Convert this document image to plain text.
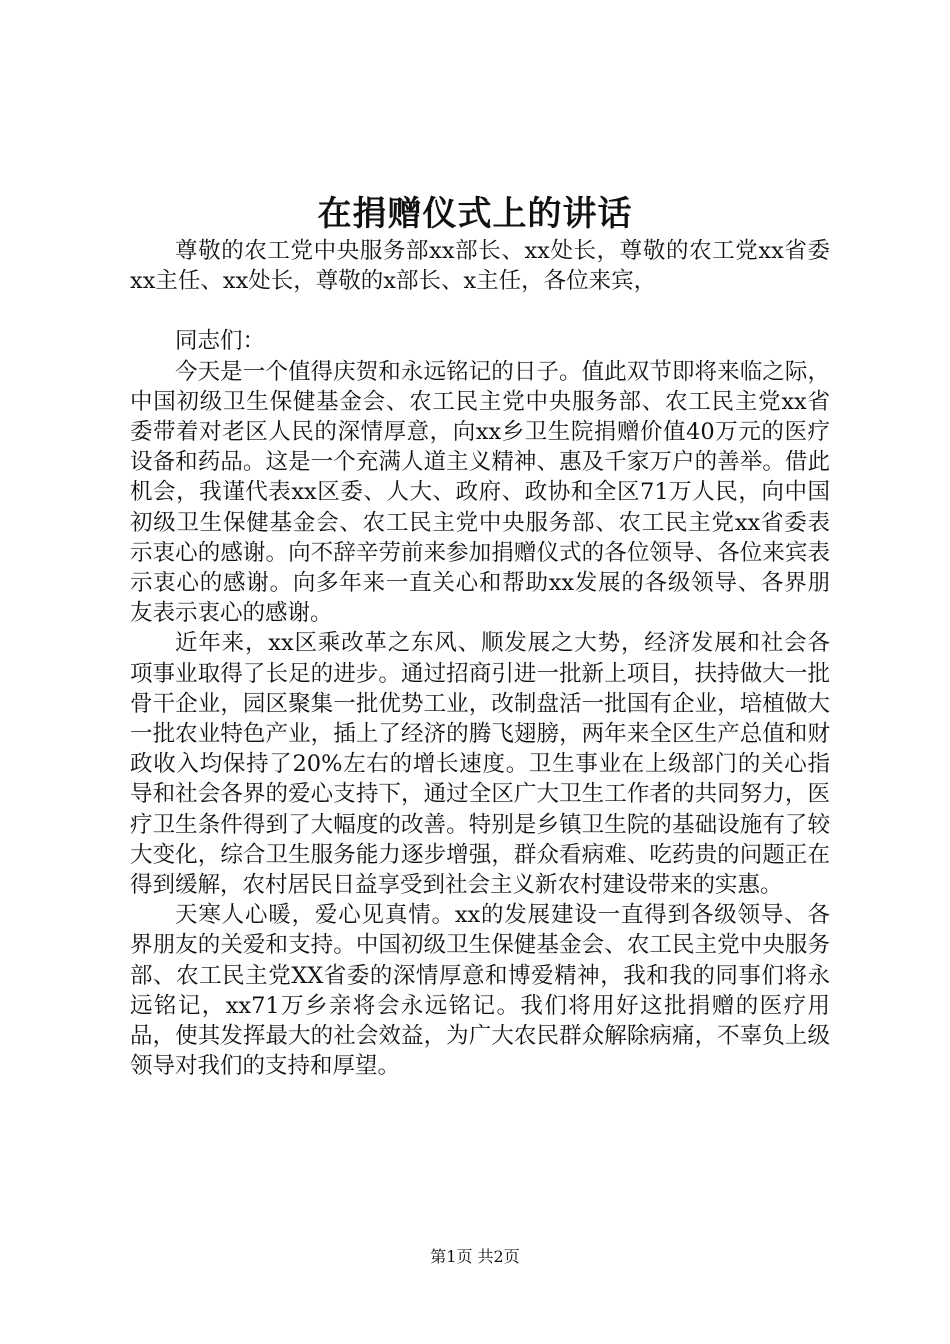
在捐赠仪式上的讲话

尊敬的农工党中央服务部xx部长、xx处长，尊敬的农工党xx省委xx主任、xx处长，尊敬的x部长、x主任，各位来宾，

同志们：

今天是一个值得庆贺和永远铭记的日子。值此双节即将来临之际，中国初级卫生保健基金会、农工民主党中央服务部、农工民主党xx省委带着对老区人民的深情厚意，向xx乡卫生院捐赠价值40万元的医疗设备和药品。这是一个充满人道主义精神、惠及千家万户的善举。借此机会，我谨代表xx区委、人大、政府、政协和全区71万人民，向中国初级卫生保健基金会、农工民主党中央服务部、农工民主党xx省委表示衷心的感谢。向不辞辛劳前来参加捐赠仪式的各位领导、各位来宾表示衷心的感谢。向多年来一直关心和帮助xx发展的各级领导、各界朋友表示衷心的感谢。

近年来，xx区乘改革之东风、顺发展之大势，经济发展和社会各项事业取得了长足的进步。通过招商引进一批新上项目，扶持做大一批骨干企业，园区聚集一批优势工业，改制盘活一批国有企业，培植做大一批农业特色产业，插上了经济的腾飞翅膀，两年来全区生产总值和财政收入均保持了20%左右的增长速度。卫生事业在上级部门的关心指导和社会各界的爱心支持下，通过全区广大卫生工作者的共同努力，医疗卫生条件得到了大幅度的改善。特别是乡镇卫生院的基础设施有了较大变化，综合卫生服务能力逐步增强，群众看病难、吃药贵的问题正在得到缓解，农村居民日益享受到社会主义新农村建设带来的实惠。

天寒人心暖，爱心见真情。xx的发展建设一直得到各级领导、各界朋友的关爱和支持。中国初级卫生保健基金会、农工民主党中央服务部、农工民主党XX省委的深情厚意和博爱精神，我和我的同事们将永远铭记，xx71万乡亲将会永远铭记。我们将用好这批捐赠的医疗用品，使其发挥最大的社会效益，为广大农民群众解除病痛，不辜负上级领导对我们的支持和厚望。

第1页 共2页
